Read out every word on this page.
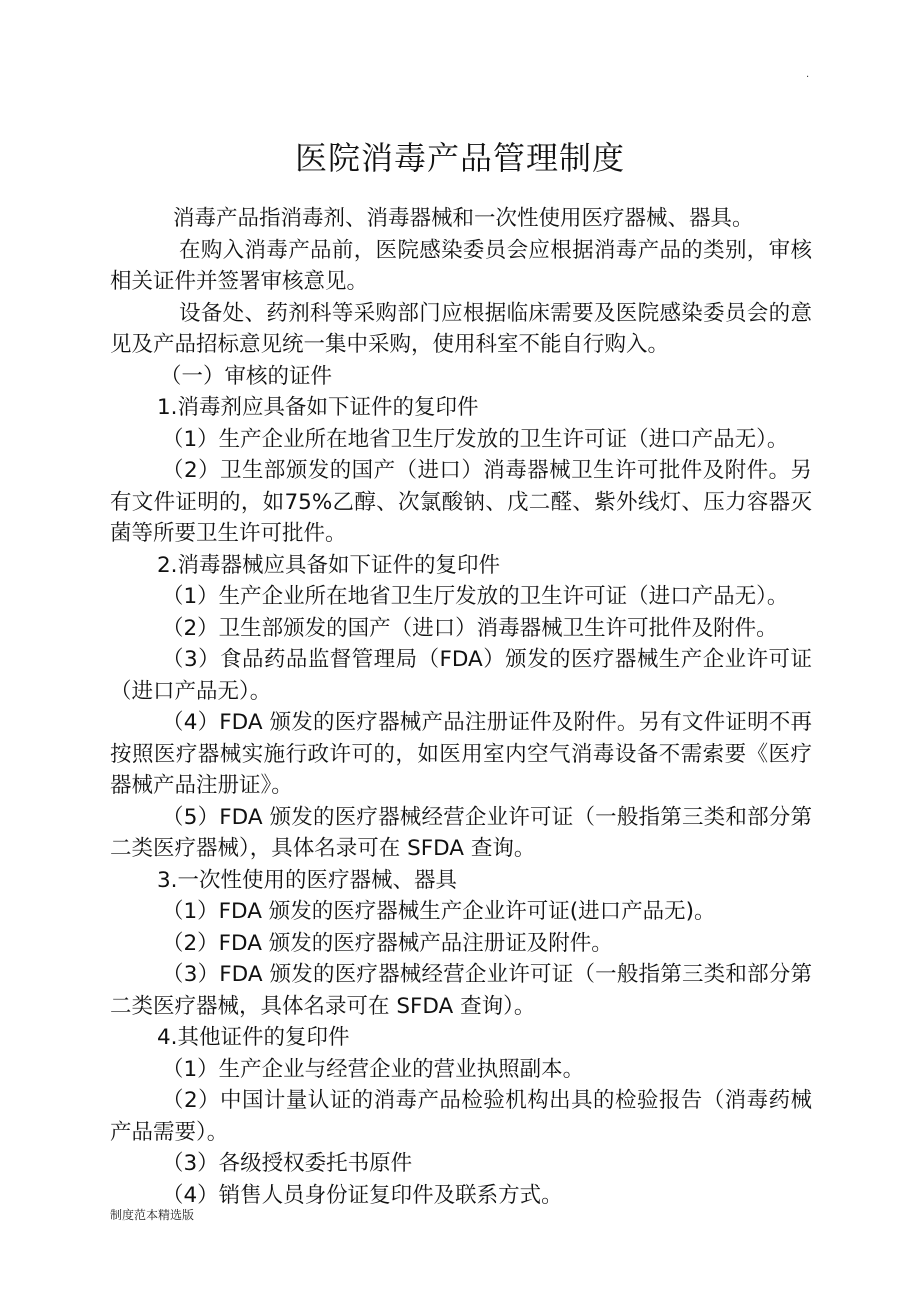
.
医院消毒产品管理制度

消毒产品指消毒剂、消毒器械和一次性使用医疗器械、器具。

在购入消毒产品前，医院感染委员会应根据消毒产品的类别，审核相关证件并签署审核意见。

设备处、药剂科等采购部门应根据临床需要及医院感染委员会的意见及产品招标意见统一集中采购，使用科室不能自行购入。

（一）审核的证件

1.消毒剂应具备如下证件的复印件

（1）生产企业所在地省卫生厅发放的卫生许可证（进口产品无）。

（2）卫生部颁发的国产（进口）消毒器械卫生许可批件及附件。另有文件证明的，如75%乙醇、次氯酸钠、戊二醛、紫外线灯、压力容器灭菌等所要卫生许可批件。

2.消毒器械应具备如下证件的复印件

（1）生产企业所在地省卫生厅发放的卫生许可证（进口产品无）。

（2）卫生部颁发的国产（进口）消毒器械卫生许可批件及附件。

（3）食品药品监督管理局（FDA）颁发的医疗器械生产企业许可证（进口产品无）。

（4）FDA 颁发的医疗器械产品注册证件及附件。另有文件证明不再按照医疗器械实施行政许可的，如医用室内空气消毒设备不需索要《医疗器械产品注册证》。

（5）FDA 颁发的医疗器械经营企业许可证（一般指第三类和部分第二类医疗器械），具体名录可在 SFDA 查询。

3.一次性使用的医疗器械、器具

（1）FDA 颁发的医疗器械生产企业许可证(进口产品无)。

（2）FDA 颁发的医疗器械产品注册证及附件。

（3）FDA 颁发的医疗器械经营企业许可证（一般指第三类和部分第二类医疗器械，具体名录可在 SFDA 查询）。

4.其他证件的复印件

（1）生产企业与经营企业的营业执照副本。

（2）中国计量认证的消毒产品检验机构出具的检验报告（消毒药械产品需要）。

（3）各级授权委托书原件

（4）销售人员身份证复印件及联系方式。

制度范本精选版
